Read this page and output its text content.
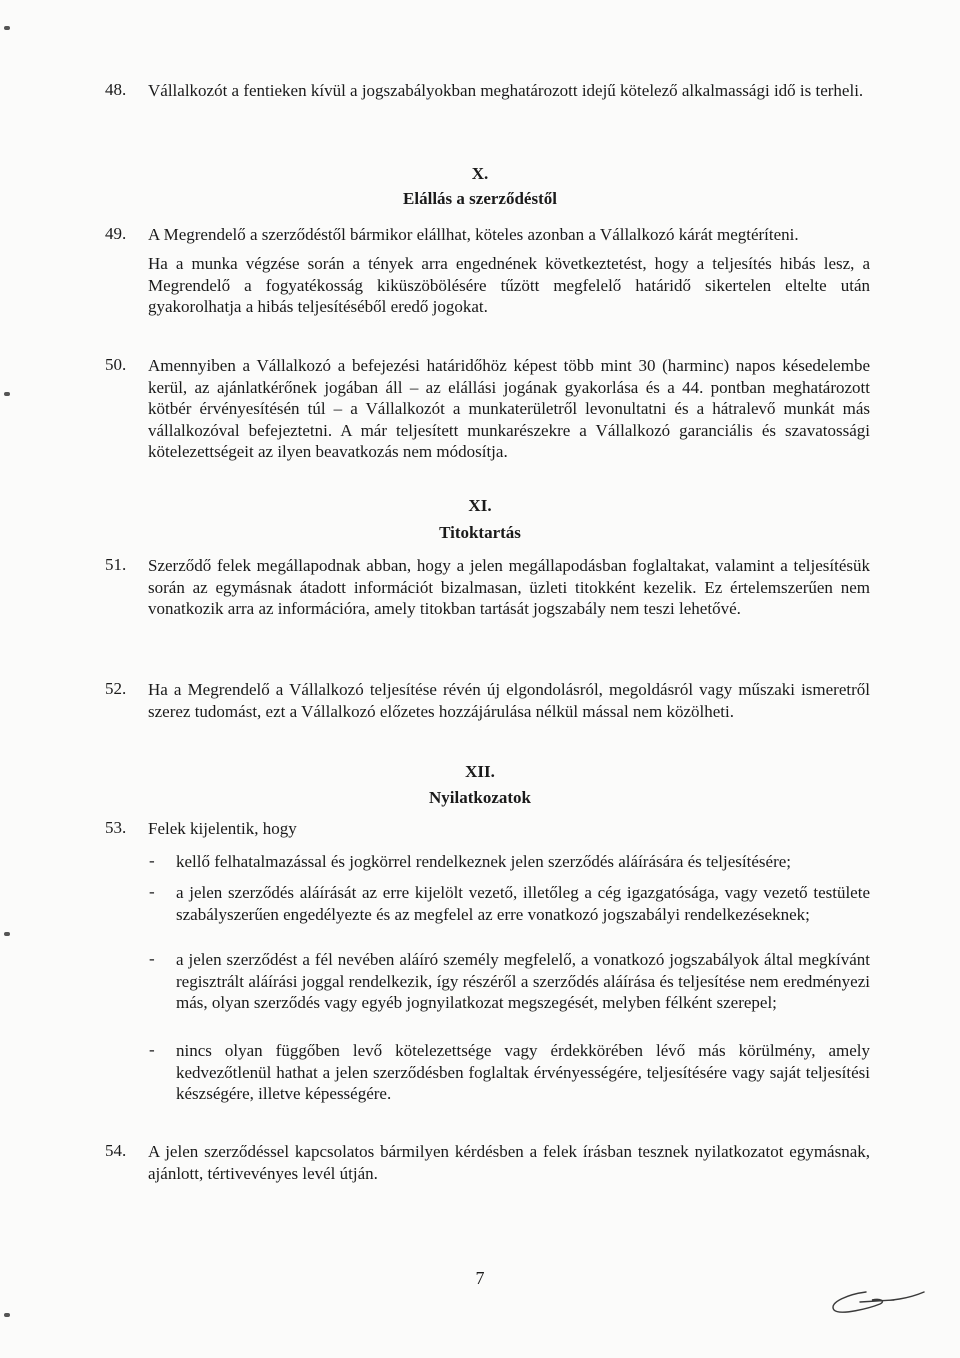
48. Vállalkozót a fentieken kívül a jogszabályokban meghatározott idejű kötelező alkalmassági idő is terheli.
X.
Elállás a szerződéstől
49. A Megrendelő a szerződéstől bármikor elállhat, köteles azonban a Vállalkozó kárát megtéríteni.
Ha a munka végzése során a tények arra engednének következtetést, hogy a teljesítés hibás lesz, a Megrendelő a fogyatékosság kiküszöbölésére tűzött megfelelő határidő sikertelen eltelte után gyakorolhatja a hibás teljesítéséből eredő jogokat.
50. Amennyiben a Vállalkozó a befejezési határidőhöz képest több mint 30 (harminc) napos késedelembe kerül, az ajánlatkérőnek jogában áll – az elállási jogának gyakorlása és a 44. pontban meghatározott kötbér érvényesítésén túl – a Vállalkozót a munkaterületről levonultatni és a hátralevő munkát más vállalkozóval befejeztetni. A már teljesített munkarészekre a Vállalkozó garanciális és szavatossági kötelezettségeit az ilyen beavatkozás nem módosítja.
XI.
Titoktartás
51. Szerződő felek megállapodnak abban, hogy a jelen megállapodásban foglaltakat, valamint a teljesítésük során az egymásnak átadott információt bizalmasan, üzleti titokként kezelik. Ez értelemszerűen nem vonatkozik arra az információra, amely titokban tartását jogszabály nem teszi lehetővé.
52. Ha a Megrendelő a Vállalkozó teljesítése révén új elgondolásról, megoldásról vagy műszaki ismeretről szerez tudomást, ezt a Vállalkozó előzetes hozzájárulása nélkül mással nem közölheti.
XII.
Nyilatkozatok
53. Felek kijelentik, hogy
- kellő felhatalmazással és jogkörrel rendelkeznek jelen szerződés aláírására és teljesítésére;
- a jelen szerződés aláírását az erre kijelölt vezető, illetőleg a cég igazgatósága, vagy vezető testülete szabályszerűen engedélyezte és az megfelel az erre vonatkozó jogszabályi rendelkezéseknek;
- a jelen szerződést a fél nevében aláíró személy megfelelő, a vonatkozó jogszabályok által megkívánt regisztrált aláírási joggal rendelkezik, így részéről a szerződés aláírása és teljesítése nem eredményezi más, olyan szerződés vagy egyéb jognyilatkozat megszegését, melyben félként szerepel;
- nincs olyan függőben levő kötelezettsége vagy érdekkörében lévő más körülmény, amely kedvezőtlenül hathat a jelen szerződésben foglaltak érvényességére, teljesítésére vagy saját teljesítési készségére, illetve képességére.
54. A jelen szerződéssel kapcsolatos bármilyen kérdésben a felek írásban tesznek nyilatkozatot egymásnak, ajánlott, tértivevényes levél útján.
7
